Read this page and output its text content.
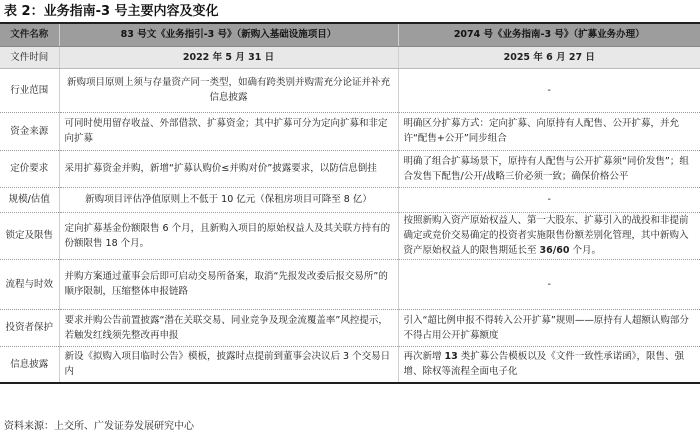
表 2：业务指南-3 号主要内容及变化
文件名称	83 号文《业务指引-3 号》（新购入基础设施项目）	2074 号《业务指南-3 号》（扩募业务办理）
文件时间	2022 年 5 月 31 日	2025 年 6 月 27 日
行业范围	新购项目原则上须与存量资产同一类型，如确有跨类别并购需充分论证并补充信息披露	-
资金来源	可同时使用留存收益、外部借款、扩募资金；其中扩募可分为定向扩募和非定向扩募	明确区分扩募方式：定向扩募、向原持有人配售、公开扩募，并允许“配售+公开”同步组合
定价要求	采用扩募资金并购，新增“扩募认购价≤并购对价”披露要求，以防信息倒挂	明确了组合扩募场景下，原持有人配售与公开扩募须“同价发售”；组合发售下配售/公开/战略三价必须一致；确保价格公平
规模/估值	新购项目评估净值原则上不低于 10 亿元（保租房项目可降至 8 亿）	-
锁定及限售	定向扩募基金份额限售 6 个月，且新购入项目的原始权益人及其关联方持有的份额限售 18 个月。	按照新购入资产原始权益人、第一大股东、扩募引入的战投和非提前确定或竞价交易确定的投资者实施限售份额差别化管理，其中新购入资产原始权益人的限售期延长至 36/60 个月。
流程与时效	并购方案通过董事会后即可启动交易所备案，取消“先报发改委后报交易所”的顺序限制，压缩整体申报链路	-
投资者保护	要求并购公告前置披露“潜在关联交易、同业竞争及现金流覆盖率”风控提示，若触发红线须先整改再申报	引入“超比例申报不得转入公开扩募”规则——原持有人超额认购部分不得占用公开扩募额度
信息披露	新设《拟购入项目临时公告》模板，披露时点提前到董事会决议后 3 个交易日内	再次新增 13 类扩募公告模板以及《文件一致性承诺函》，限售、强增、除权等流程全面电子化
资料来源：上交所、广发证券发展研究中心
